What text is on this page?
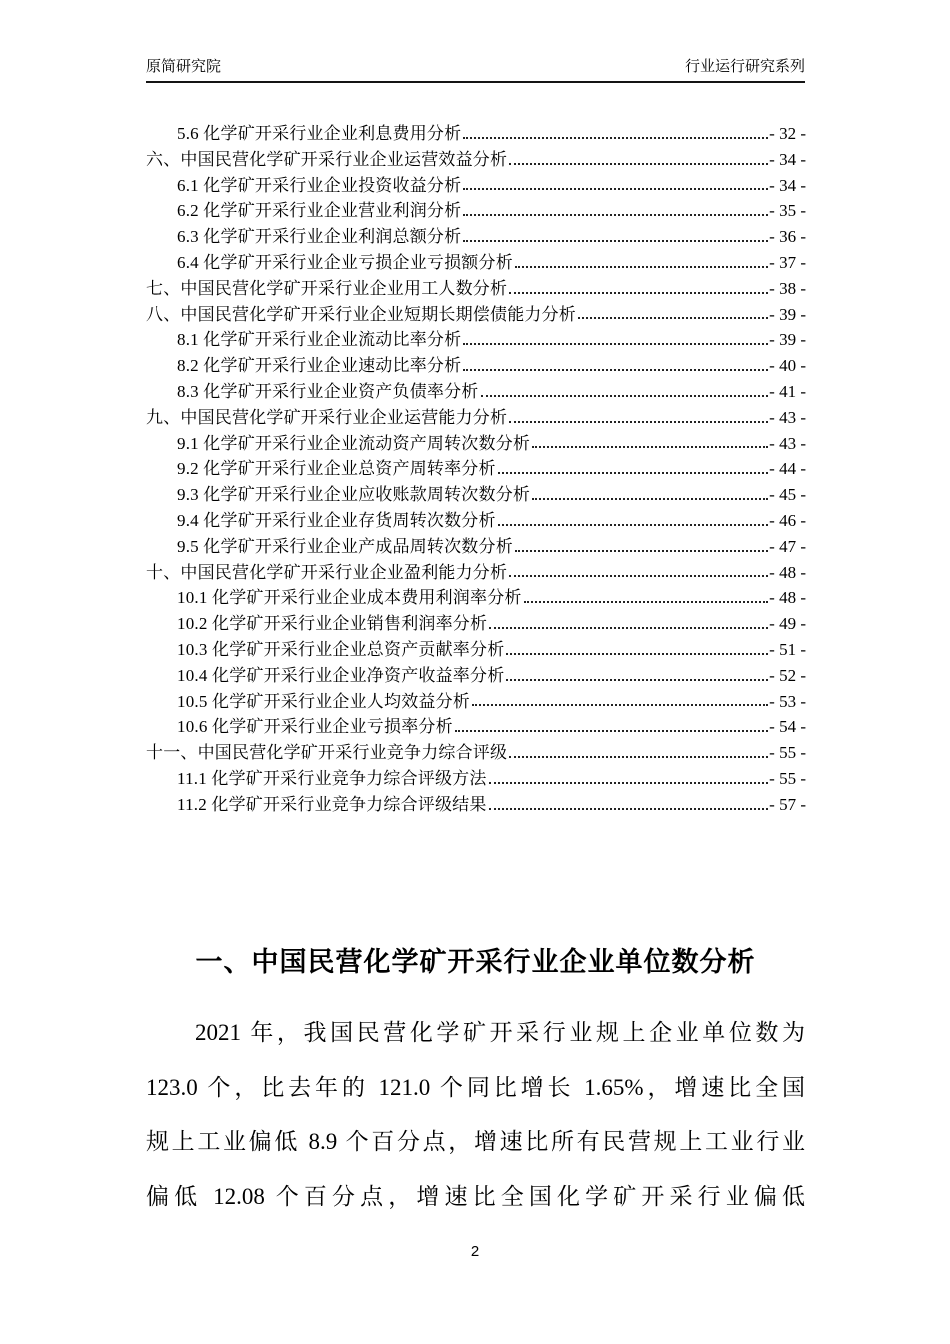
原简研究院	行业运行研究系列
5.6 化学矿开采行业企业利息费用分析	- 32 -
六、中国民营化学矿开采行业企业运营效益分析	- 34 -
6.1 化学矿开采行业企业投资收益分析	- 34 -
6.2 化学矿开采行业企业营业利润分析	- 35 -
6.3 化学矿开采行业企业利润总额分析	- 36 -
6.4 化学矿开采行业企业亏损企业亏损额分析	- 37 -
七、中国民营化学矿开采行业企业用工人数分析	- 38 -
八、中国民营化学矿开采行业企业短期长期偿债能力分析	- 39 -
8.1 化学矿开采行业企业流动比率分析	- 39 -
8.2 化学矿开采行业企业速动比率分析	- 40 -
8.3 化学矿开采行业企业资产负债率分析	- 41 -
九、中国民营化学矿开采行业企业运营能力分析	- 43 -
9.1 化学矿开采行业企业流动资产周转次数分析	- 43 -
9.2 化学矿开采行业企业总资产周转率分析	- 44 -
9.3 化学矿开采行业企业应收账款周转次数分析	- 45 -
9.4 化学矿开采行业企业存货周转次数分析	- 46 -
9.5 化学矿开采行业企业产成品周转次数分析	- 47 -
十、中国民营化学矿开采行业企业盈利能力分析	- 48 -
10.1 化学矿开采行业企业成本费用利润率分析	- 48 -
10.2 化学矿开采行业企业销售利润率分析	- 49 -
10.3 化学矿开采行业企业总资产贡献率分析	- 51 -
10.4 化学矿开采行业企业净资产收益率分析	- 52 -
10.5 化学矿开采行业企业人均效益分析	- 53 -
10.6 化学矿开采行业企业亏损率分析	- 54 -
十一、中国民营化学矿开采行业竞争力综合评级	- 55 -
11.1 化学矿开采行业竞争力综合评级方法	- 55 -
11.2 化学矿开采行业竞争力综合评级结果	- 57 -
一、中国民营化学矿开采行业企业单位数分析
2021 年，我国民营化学矿开采行业规上企业单位数为
123.0 个，比去年的 121.0 个同比增长 1.65%，增速比全国
规上工业偏低 8.9 个百分点，增速比所有民营规上工业行业
偏低 12.08 个百分点，增速比全国化学矿开采行业偏低
2
